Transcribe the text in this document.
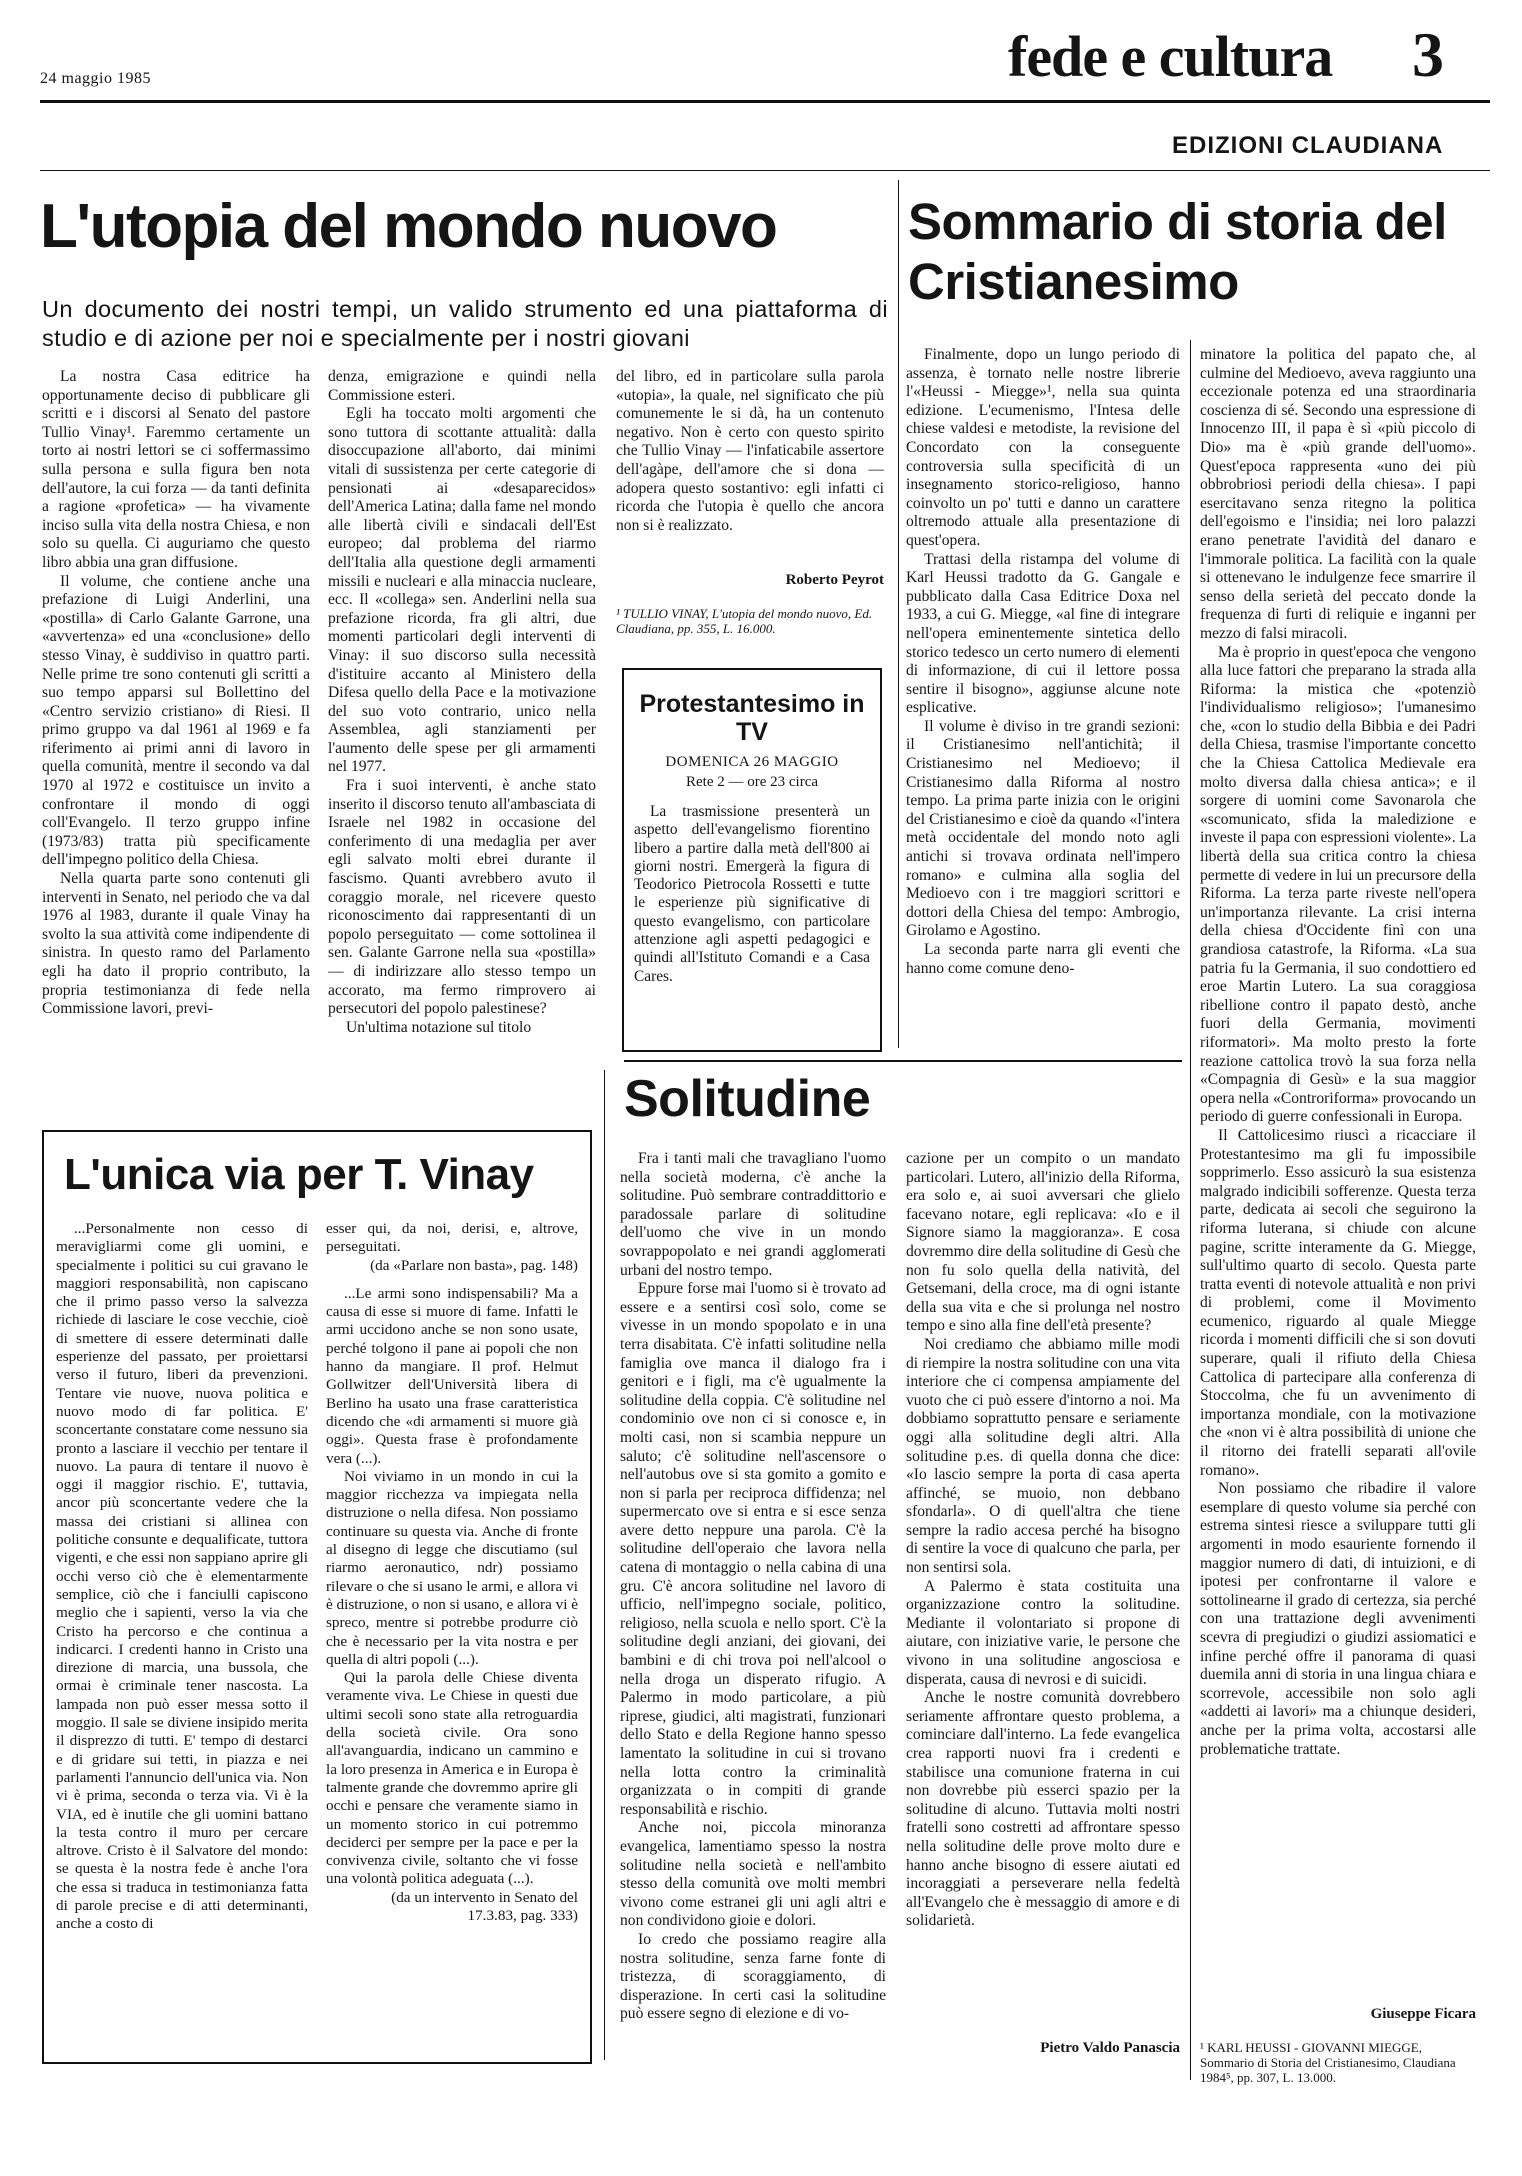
24 maggio 1985	fede e cultura 3
EDIZIONI CLAUDIANA
L'utopia del mondo nuovo
Un documento dei nostri tempi, un valido strumento ed una piattaforma di studio e di azione per noi e specialmente per i nostri giovani

La nostra Casa editrice ha opportunamente deciso di pubblicare gli scritti e i discorsi al Senato del pastore Tullio Vinay¹. Faremmo certamente un torto ai nostri lettori se ci soffermassimo sulla persona e sulla figura ben nota dell'autore, la cui forza — da tanti definita a ragione «profetica» — ha vivamente inciso sulla vita della nostra Chiesa, e non solo su quella. Ci auguriamo che questo libro abbia una gran diffusione.

Il volume, che contiene anche una prefazione di Luigi Anderlini, una «postilla» di Carlo Galante Garrone, una «avvertenza» ed una «conclusione» dello stesso Vinay, è suddiviso in quattro parti. Nelle prime tre sono contenuti gli scritti a suo tempo apparsi sul Bollettino del «Centro servizio cristiano» di Riesi. Il primo gruppo va dal 1961 al 1969 e fa riferimento ai primi anni di lavoro in quella comunità, mentre il secondo va dal 1970 al 1972 e costituisce un invito a confrontare il mondo di oggi coll'Evangelo. Il terzo gruppo infine (1973/83) tratta più specificamente dell'impegno politico della Chiesa.

Nella quarta parte sono contenuti gli interventi in Senato, nel periodo che va dal 1976 al 1983, durante il quale Vinay ha svolto la sua attività come indipendente di sinistra. In questo ramo del Parlamento egli ha dato il proprio contributo, la propria testimonianza di fede nella Commissione lavori, previ-

denza, emigrazione e quindi nella Commissione esteri.

Egli ha toccato molti argomenti che sono tuttora di scottante attualità: dalla disoccupazione all'aborto, dai minimi vitali di sussistenza per certe categorie di pensionati ai «desaparecidos» dell'America Latina; dalla fame nel mondo alle libertà civili e sindacali dell'Est europeo; dal problema del riarmo dell'Italia alla questione degli armamenti missili e nucleari e alla minaccia nucleare, ecc. Il «collega» sen. Anderlini nella sua prefazione ricorda, fra gli altri, due momenti particolari degli interventi di Vinay: il suo discorso sulla necessità d'istituire accanto al Ministero della Difesa quello della Pace e la motivazione del suo voto contrario, unico nella Assemblea, agli stanziamenti per l'aumento delle spese per gli armamenti nel 1977.

Fra i suoi interventi, è anche stato inserito il discorso tenuto all'ambasciata di Israele nel 1982 in occasione del conferimento di una medaglia per aver egli salvato molti ebrei durante il fascismo. Quanti avrebbero avuto il coraggio morale, nel ricevere questo riconoscimento dai rappresentanti di un popolo perseguitato — come sottolinea il sen. Galante Garrone nella sua «postilla» — di indirizzare allo stesso tempo un accorato, ma fermo rimprovero ai persecutori del popolo palestinese?

Un'ultima notazione sul titolo

del libro, ed in particolare sulla parola «utopia», la quale, nel significato che più comunemente le si dà, ha un contenuto negativo. Non è certo con questo spirito che Tullio Vinay — l'infaticabile assertore dell'agàpe, dell'amore che si dona — adopera questo sostantivo: egli infatti ci ricorda che l'utopia è quello che ancora non si è realizzato.

Roberto Peyrot
¹ TULLIO VINAY, L'utopia del mondo nuovo, Ed. Claudiana, pp. 355, L. 16.000.
Protestantesimo in TV
DOMENICA 26 MAGGIO
Rete 2 — ore 23 circa
La trasmissione presenterà un aspetto dell'evangelismo fiorentino libero a partire dalla metà dell'800 ai giorni nostri. Emergerà la figura di Teodorico Pietrocola Rossetti e tutte le esperienze più significative di questo evangelismo, con particolare attenzione agli aspetti pedagogici e quindi all'Istituto Comandi e a Casa Cares.
Sommario di storia del Cristianesimo

Finalmente, dopo un lungo periodo di assenza, è tornato nelle nostre librerie l'«Heussi - Miegge»¹, nella sua quinta edizione. L'ecumenismo, l'Intesa delle chiese valdesi e metodiste, la revisione del Concordato con la conseguente controversia sulla specificità di un insegnamento storico-religioso, hanno coinvolto un po' tutti e danno un carattere oltremodo attuale alla presentazione di quest'opera.

Trattasi della ristampa del volume di Karl Heussi tradotto da G. Gangale e pubblicato dalla Casa Editrice Doxa nel 1933, a cui G. Miegge, «al fine di integrare nell'opera eminentemente sintetica dello storico tedesco un certo numero di elementi di informazione, di cui il lettore possa sentire il bisogno», aggiunse alcune note esplicative.

Il volume è diviso in tre grandi sezioni: il Cristianesimo nell'antichità; il Cristianesimo nel Medioevo; il Cristianesimo dalla Riforma al nostro tempo. La prima parte inizia con le origini del Cristianesimo e cioè da quando «l'intera metà occidentale del mondo noto agli antichi si trovava ordinata nell'impero romano» e culmina alla soglia del Medioevo con i tre maggiori scrittori e dottori della Chiesa del tempo: Ambrogio, Girolamo e Agostino.

La seconda parte narra gli eventi che hanno come comune deno-

minatore la politica del papato che, al culmine del Medioevo, aveva raggiunto una eccezionale potenza ed una straordinaria coscienza di sé. Secondo una espressione di Innocenzo III, il papa è sì «più piccolo di Dio» ma è «più grande dell'uomo». Quest'epoca rappresenta «uno dei più obbrobriosi periodi della chiesa». I papi esercitavano senza ritegno la politica dell'egoismo e l'insidia; nei loro palazzi erano penetrate l'avidità del danaro e l'immorale politica. La facilità con la quale si ottenevano le indulgenze fece smarrire il senso della serietà del peccato donde la frequenza di furti di reliquie e inganni per mezzo di falsi miracoli.

Ma è proprio in quest'epoca che vengono alla luce fattori che preparano la strada alla Riforma: la mistica che «potenziò l'individualismo religioso»; l'umanesimo che, «con lo studio della Bibbia e dei Padri della Chiesa, trasmise l'importante concetto che la Chiesa Cattolica Medievale era molto diversa dalla chiesa antica»; e il sorgere di uomini come Savonarola che «scomunicato, sfida la maledizione e investe il papa con espressioni violente». La libertà della sua critica contro la chiesa permette di vedere in lui un precursore della Riforma. La terza parte riveste nell'opera un'importanza rilevante. La crisi interna della chiesa d'Occidente finì con una grandiosa catastrofe, la Riforma. «La sua patria fu la Germania, il suo condottiero ed eroe Martin Lutero. La sua coraggiosa ribellione contro il papato destò, anche fuori della Germania, movimenti riformatori». Ma molto presto la forte reazione cattolica trovò la sua forza nella «Compagnia di Gesù» e la sua maggior opera nella «Controriforma» provocando un periodo di guerre confessionali in Europa.

Il Cattolicesimo riuscì a ricacciare il Protestantesimo ma gli fu impossibile sopprimerlo. Esso assicurò la sua esistenza malgrado indicibili sofferenze. Questa terza parte, dedicata ai secoli che seguirono la riforma luterana, si chiude con alcune pagine, scritte interamente da G. Miegge, sull'ultimo quarto di secolo. Questa parte tratta eventi di notevole attualità e non privi di problemi, come il Movimento ecumenico, riguardo al quale Miegge ricorda i momenti difficili che si son dovuti superare, quali il rifiuto della Chiesa Cattolica di partecipare alla conferenza di Stoccolma, che fu un avvenimento di importanza mondiale, con la motivazione che «non vi è altra possibilità di unione che il ritorno dei fratelli separati all'ovile romano».

Non possiamo che ribadire il valore esemplare di questo volume sia perché con estrema sintesi riesce a sviluppare tutti gli argomenti in modo esauriente fornendo il maggior numero di dati, di intuizioni, e di ipotesi per confrontarne il valore e sottolinearne il grado di certezza, sia perché con una trattazione degli avvenimenti scevra di pregiudizi o giudizi assiomatici e infine perché offre il panorama di quasi duemila anni di storia in una lingua chiara e scorrevole, accessibile non solo agli «addetti ai lavori» ma a chiunque desideri, anche per la prima volta, accostarsi alle problematiche trattate.

Giuseppe Ficara
¹ KARL HEUSSI - GIOVANNI MIEGGE, Sommario di Storia del Cristianesimo, Claudiana 1984⁵, pp. 307, L. 13.000.
L'unica via per T. Vinay

...Personalmente non cesso di meravigliarmi come gli uomini, e specialmente i politici su cui gravano le maggiori responsabilità, non capiscano che il primo passo verso la salvezza richiede di lasciare le cose vecchie, cioè di smettere di essere determinati dalle esperienze del passato, per proiettarsi verso il futuro, liberi da prevenzioni. Tentare vie nuove, nuova politica e nuovo modo di far politica. E' sconcertante constatare come nessuno sia pronto a lasciare il vecchio per tentare il nuovo. La paura di tentare il nuovo è oggi il maggior rischio. E', tuttavia, ancor più sconcertante vedere che la massa dei cristiani si allinea con politiche consunte e dequalificate, tuttora vigenti, e che essi non sappiano aprire gli occhi verso ciò che è elementarmente semplice, ciò che i fanciulli capiscono meglio che i sapienti, verso la via che Cristo ha percorso e che continua a indicarci. I credenti hanno in Cristo una direzione di marcia, una bussola, che ormai è criminale tener nascosta. La lampada non può esser messa sotto il moggio. Il sale se diviene insipido merita il disprezzo di tutti. E' tempo di destarci e di gridare sui tetti, in piazza e nei parlamenti l'annuncio dell'unica via. Non vi è prima, seconda o terza via. Vi è la VIA, ed è inutile che gli uomini battano la testa contro il muro per cercare altrove. Cristo è il Salvatore del mondo: se questa è la nostra fede è anche l'ora che essa si traduca in testimonianza fatta di parole precise e di atti determinanti, anche a costo di

esser qui, da noi, derisi, e, altrove, perseguitati.

(da «Parlare non basta», pag. 148)

...Le armi sono indispensabili? Ma a causa di esse si muore di fame. Infatti le armi uccidono anche se non sono usate, perché tolgono il pane ai popoli che non hanno da mangiare. Il prof. Helmut Gollwitzer dell'Università libera di Berlino ha usato una frase caratteristica dicendo che «di armamenti si muore già oggi». Questa frase è profondamente vera (...).

Noi viviamo in un mondo in cui la maggior ricchezza va impiegata nella distruzione o nella difesa. Non possiamo continuare su questa via. Anche di fronte al disegno di legge che discutiamo (sul riarmo aeronautico, ndr) possiamo rilevare o che si usano le armi, e allora vi è distruzione, o non si usano, e allora vi è spreco, mentre si potrebbe produrre ciò che è necessario per la vita nostra e per quella di altri popoli (...).

Qui la parola delle Chiese diventa veramente viva. Le Chiese in questi due ultimi secoli sono state alla retroguardia della società civile. Ora sono all'avanguardia, indicano un cammino e la loro presenza in America e in Europa è talmente grande che dovremmo aprire gli occhi e pensare che veramente siamo in un momento storico in cui potremmo deciderci per sempre per la pace e per la convivenza civile, soltanto che vi fosse una volontà politica adeguata (...).

(da un intervento in Senato del 17.3.83, pag. 333)

Solitudine

Fra i tanti mali che travagliano l'uomo nella società moderna, c'è anche la solitudine. Può sembrare contraddittorio e paradossale parlare di solitudine dell'uomo che vive in un mondo sovrappopolato e nei grandi agglomerati urbani del nostro tempo.

Eppure forse mai l'uomo si è trovato ad essere e a sentirsi così solo, come se vivesse in un mondo spopolato e in una terra disabitata. C'è infatti solitudine nella famiglia ove manca il dialogo fra i genitori e i figli, ma c'è ugualmente la solitudine della coppia. C'è solitudine nel condominio ove non ci si conosce e, in molti casi, non si scambia neppure un saluto; c'è solitudine nell'ascensore o nell'autobus ove si sta gomito a gomito e non si parla per reciproca diffidenza; nel supermercato ove si entra e si esce senza avere detto neppure una parola. C'è la solitudine dell'operaio che lavora nella catena di montaggio o nella cabina di una gru. C'è ancora solitudine nel lavoro di ufficio, nell'impegno sociale, politico, religioso, nella scuola e nello sport. C'è la solitudine degli anziani, dei giovani, dei bambini e di chi trova poi nell'alcool o nella droga un disperato rifugio. A Palermo in modo particolare, a più riprese, giudici, alti magistrati, funzionari dello Stato e della Regione hanno spesso lamentato la solitudine in cui si trovano nella lotta contro la criminalità organizzata o in compiti di grande responsabilità e rischio.

Anche noi, piccola minoranza evangelica, lamentiamo spesso la nostra solitudine nella società e nell'ambito stesso della comunità ove molti membri vivono come estranei gli uni agli altri e non condividono gioie e dolori.

Io credo che possiamo reagire alla nostra solitudine, senza farne fonte di tristezza, di scoraggiamento, di disperazione. In certi casi la solitudine può essere segno di elezione e di vo-

cazione per un compito o un mandato particolari. Lutero, all'inizio della Riforma, era solo e, ai suoi avversari che glielo facevano notare, egli replicava: «Io e il Signore siamo la maggioranza». E cosa dovremmo dire della solitudine di Gesù che non fu solo quella della natività, del Getsemani, della croce, ma di ogni istante della sua vita e che si prolunga nel nostro tempo e sino alla fine dell'età presente?

Noi crediamo che abbiamo mille modi di riempire la nostra solitudine con una vita interiore che ci compensa ampiamente del vuoto che ci può essere d'intorno a noi. Ma dobbiamo soprattutto pensare e seriamente oggi alla solitudine degli altri. Alla solitudine p.es. di quella donna che dice: «Io lascio sempre la porta di casa aperta affinché, se muoio, non debbano sfondarla». O di quell'altra che tiene sempre la radio accesa perché ha bisogno di sentire la voce di qualcuno che parla, per non sentirsi sola.

A Palermo è stata costituita una organizzazione contro la solitudine. Mediante il volontariato si propone di aiutare, con iniziative varie, le persone che vivono in una solitudine angosciosa e disperata, causa di nevrosi e di suicidi.

Anche le nostre comunità dovrebbero seriamente affrontare questo problema, a cominciare dall'interno. La fede evangelica crea rapporti nuovi fra i credenti e stabilisce una comunione fraterna in cui non dovrebbe più esserci spazio per la solitudine di alcuno. Tuttavia molti nostri fratelli sono costretti ad affrontare spesso nella solitudine delle prove molto dure e hanno anche bisogno di essere aiutati ed incoraggiati a perseverare nella fedeltà all'Evangelo che è messaggio di amore e di solidarietà.

Pietro Valdo Panascia
